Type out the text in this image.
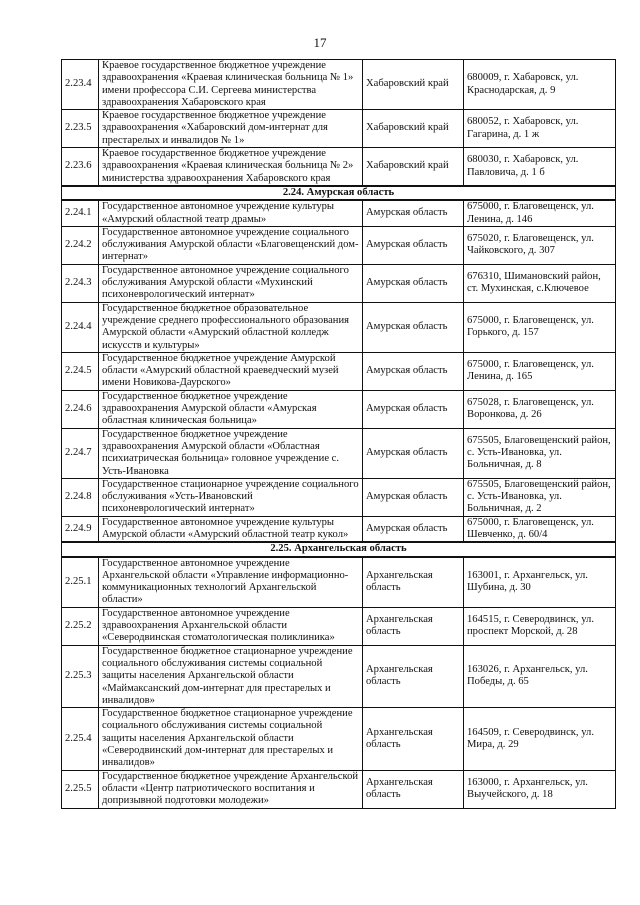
17
2.23.4	Краевое государственное бюджетное учреждение здравоохранения «Краевая клиническая больница № 1» имени профессора С.И. Сергеева министерства здравоохранения Хабаровского края	Хабаровский край	680009, г. Хабаровск, ул. Краснодарская, д. 9
2.23.5	Краевое государственное бюджетное учреждение здравоохранения «Хабаровский дом-интернат для престарелых и инвалидов № 1»	Хабаровский край	680052, г. Хабаровск, ул. Гагарина, д. 1 ж
2.23.6	Краевое государственное бюджетное учреждение здравоохранения «Краевая клиническая больница № 2» министерства здравоохранения Хабаровского края	Хабаровский край	680030, г. Хабаровск, ул. Павловича, д. 1 б
2.24. Амурская область			
2.24.1	Государственное автономное учреждение культуры «Амурский областной театр драмы»	Амурская область	675000, г. Благовещенск, ул. Ленина, д. 146
2.24.2	Государственное автономное учреждение социального обслуживания Амурской области «Благовещенский дом-интернат»	Амурская область	675020, г. Благовещенск, ул. Чайковского, д. 307
2.24.3	Государственное автономное учреждение социального обслуживания Амурской области «Мухинский психоневрологический интернат»	Амурская область	676310, Шимановский район, ст. Мухинская, с.Ключевое
2.24.4	Государственное бюджетное образовательное учреждение среднего профессионального образования Амурской области «Амурский областной колледж искусств и культуры»	Амурская область	675000, г. Благовещенск, ул. Горького, д. 157
2.24.5	Государственное бюджетное учреждение Амурской области «Амурский областной краеведческий музей имени Новикова-Даурского»	Амурская область	675000, г. Благовещенск, ул. Ленина, д. 165
2.24.6	Государственное бюджетное учреждение здравоохранения Амурской области «Амурская областная клиническая больница»	Амурская область	675028, г. Благовещенск, ул. Воронкова, д. 26
2.24.7	Государственное бюджетное учреждение здравоохранения Амурской области «Областная психиатрическая больница» головное учреждение с. Усть-Ивановка	Амурская область	675505, Благовещенский район, с. Усть-Ивановка, ул. Больничная, д. 8
2.24.8	Государственное стационарное учреждение социального обслуживания «Усть-Ивановский психоневрологический интернат»	Амурская область	675505, Благовещенский район, с. Усть-Ивановка, ул. Больничная, д. 2
2.24.9	Государственное автономное учреждение культуры Амурской области «Амурский областной театр кукол»	Амурская область	675000, г. Благовещенск, ул. Шевченко, д. 60/4
2.25. Архангельская область			
2.25.1	Государственное автономное учреждение Архангельской области «Управление информационно-коммуникационных технологий Архангельской области»	Архангельская область	163001, г. Архангельск, ул. Шубина, д. 30
2.25.2	Государственное автономное учреждение здравоохранения Архангельской области «Северодвинская стоматологическая поликлиника»	Архангельская область	164515, г. Северодвинск, ул. проспект Морской, д. 28
2.25.3	Государственное бюджетное стационарное учреждение социального обслуживания системы социальной защиты населения Архангельской области «Маймаксанский дом-интернат для престарелых и инвалидов»	Архангельская область	163026, г. Архангельск, ул. Победы, д. 65
2.25.4	Государственное бюджетное стационарное учреждение социального обслуживания системы социальной защиты населения Архангельской области «Северодвинский дом-интернат для престарелых и инвалидов»	Архангельская область	164509, г. Северодвинск, ул. Мира, д. 29
2.25.5	Государственное бюджетное учреждение Архангельской области «Центр патриотического воспитания и допризывной подготовки молодежи»	Архангельская область	163000, г. Архангельск, ул. Выучейского, д. 18
